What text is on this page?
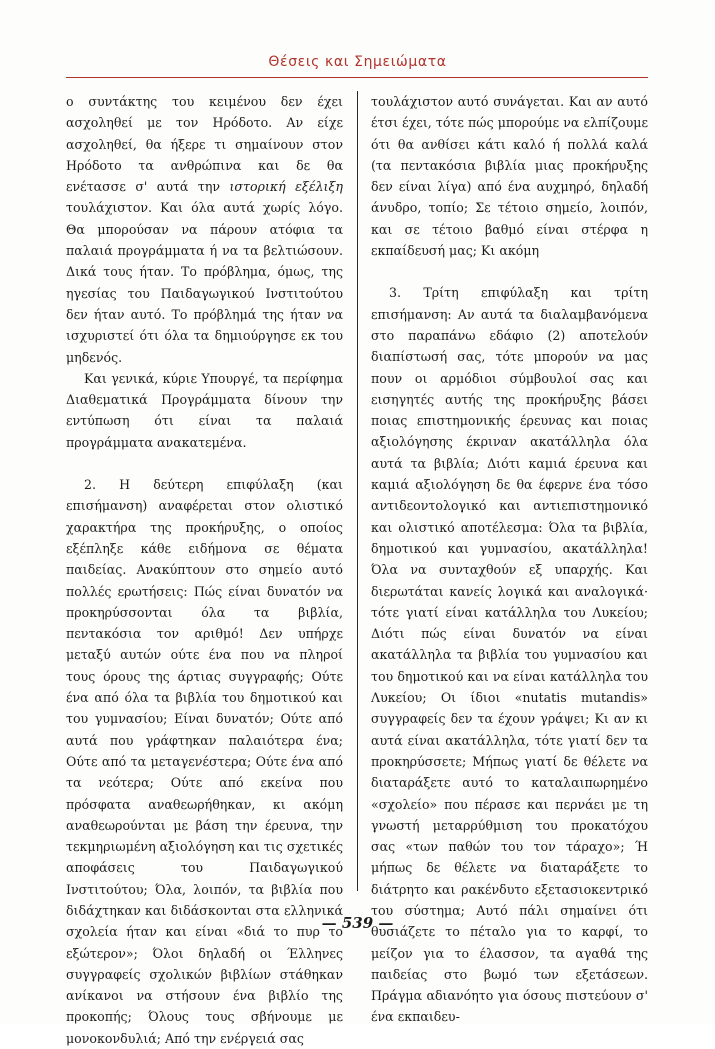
Θέσεις και Σημειώματα

ο συντάκτης του κειμένου δεν έχει ασχοληθεί με τον Ηρόδοτο. Αν είχε ασχοληθεί, θα ήξερε τι σημαίνουν στον Ηρόδοτο τα ανθρώπινα και δε θα ενέτασσε σ' αυτά την ιστορική εξέλιξη τουλάχιστον. Και όλα αυτά χωρίς λόγο. Θα μπορούσαν να πάρουν ατόφια τα παλαιά προγράμματα ή να τα βελτιώσουν. Δικά τους ήταν. Το πρόβλημα, όμως, της ηγεσίας του Παιδαγωγικού Ινστιτούτου δεν ήταν αυτό. Το πρόβλημά της ήταν να ισχυριστεί ότι όλα τα δημιούργησε εκ του μηδενός.

Και γενικά, κύριε Υπουργέ, τα περίφημα Διαθεματικά Προγράμματα δίνουν την εντύπωση ότι είναι τα παλαιά προγράμματα ανακατεμένα.

2. Η δεύτερη επιφύλαξη (και επισήμανση) αναφέρεται στον ολιστικό χαρακτήρα της προκήρυξης, ο οποίος εξέπληξε κάθε ειδήμονα σε θέματα παιδείας. Ανακύπτουν στο σημείο αυτό πολλές ερωτήσεις: Πώς είναι δυνατόν να προκηρύσσονται όλα τα βιβλία, πεντακόσια τον αριθμό! Δεν υπήρχε μεταξύ αυτών ούτε ένα που να πληροί τους όρους της άρτιας συγγραφής; Ούτε ένα από όλα τα βιβλία του δημοτικού και του γυμνασίου; Είναι δυνατόν; Ούτε από αυτά που γράφτηκαν παλαιότερα ένα; Ούτε από τα μεταγενέστερα; Ούτε ένα από τα νεότερα; Ούτε από εκείνα που πρόσφατα αναθεωρήθηκαν, κι ακόμη αναθεωρούνται με βάση την έρευνα, την τεκμηριωμένη αξιολόγηση και τις σχετικές αποφάσεις του Παιδαγωγικού Ινστιτούτου; Όλα, λοιπόν, τα βιβλία που διδάχτηκαν και διδάσκονται στα ελληνικά σχολεία ήταν και είναι «διά το πυρ το εξώτερον»; Όλοι δηλαδή οι Έλληνες συγγραφείς σχολικών βιβλίων στάθηκαν ανίκανοι να στήσουν ένα βιβλίο της προκοπής; Όλους τους σβήνουμε με μονοκονδυλιά; Από την ενέργειά σας

τουλάχιστον αυτό συνάγεται. Και αν αυτό έτσι έχει, τότε πώς μπορούμε να ελπίζουμε ότι θα ανθίσει κάτι καλό ή πολλά καλά (τα πεντακόσια βιβλία μιας προκήρυξης δεν είναι λίγα) από ένα αυχμηρό, δηλαδή άνυδρο, τοπίο; Σε τέτοιο σημείο, λοιπόν, και σε τέτοιο βαθμό είναι στέρφα η εκπαίδευσή μας; Κι ακόμη

3. Τρίτη επιφύλαξη και τρίτη επισήμανση: Αν αυτά τα διαλαμβανόμενα στο παραπάνω εδάφιο (2) αποτελούν διαπίστωσή σας, τότε μπορούν να μας πουν οι αρμόδιοι σύμβουλοί σας και εισηγητές αυτής της προκήρυξης βάσει ποιας επιστημονικής έρευνας και ποιας αξιολόγησης έκριναν ακατάλληλα όλα αυτά τα βιβλία; Διότι καμιά έρευνα και καμιά αξιολόγηση δε θα έφερνε ένα τόσο αντιδεοντολογικό και αντιεπιστημονικό και ολιστικό αποτέλεσμα: Όλα τα βιβλία, δημοτικού και γυμνασίου, ακατάλληλα! Όλα να συνταχθούν εξ υπαρχής. Και διερωτάται κανείς λογικά και αναλογικά· τότε γιατί είναι κατάλληλα του Λυκείου; Διότι πώς είναι δυνατόν να είναι ακατάλληλα τα βιβλία του γυμνασίου και του δημοτικού και να είναι κατάλληλα του Λυκείου; Οι ίδιοι «nutatis mutandis» συγγραφείς δεν τα έχουν γράψει; Κι αν κι αυτά είναι ακατάλληλα, τότε γιατί δεν τα προκηρύσσετε; Μήπως γιατί δε θέλετε να διαταράξετε αυτό το καταλαιπωρημένο «σχολείο» που πέρασε και περνάει με τη γνωστή μεταρρύθμιση του προκατόχου σας «των παθών του τον τάραχο»; Ή μήπως δε θέλετε να διαταράξετε το διάτρητο και ρακένδυτο εξετασιοκεντρικό του σύστημα; Αυτό πάλι σημαίνει ότι θυσιάζετε το πέταλο για το καρφί, το μείζον για το έλασσον, τα αγαθά της παιδείας στο βωμό των εξετάσεων. Πράγμα αδιανόητο για όσους πιστεύουν σ' ένα εκπαιδευ-

— 539 —
